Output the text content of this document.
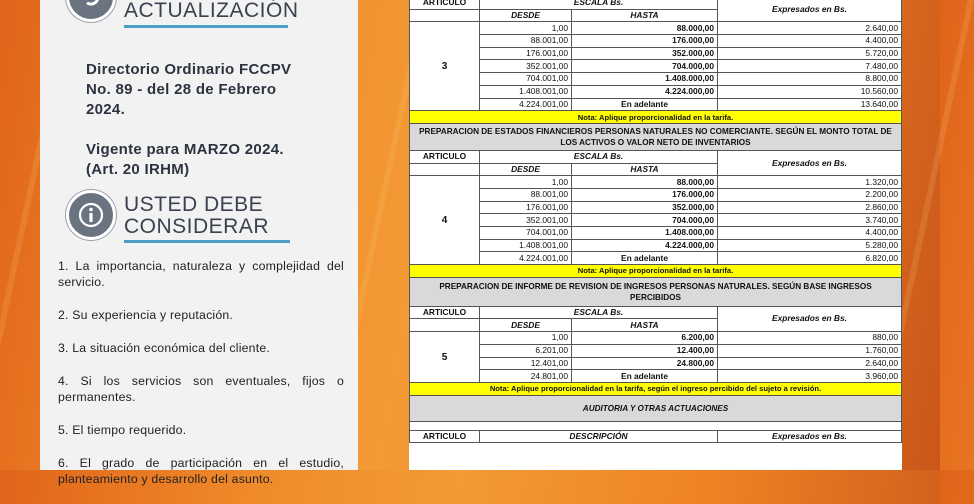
ACTUALIZACIÓN
Directorio Ordinario FCCPV
No. 89 - del 28 de Febrero
2024.
Vigente para MARZO 2024.
(Art. 20 IRHM)
USTED DEBE
CONSIDERAR
1. La importancia, naturaleza y complejidad del servicio.
2. Su experiencia y reputación.
3. La situación económica del cliente.
4. Si los servicios son eventuales, fijos o permanentes.
5. El tiempo requerido.
6. El grado de participación en el estudio, planteamiento y desarrollo del asunto.
ARTICULO	ESCALA Bs.		Expresados en Bs.
	DESDE	HASTA	
3	1,00	88.000,00	2.640,00
	88.001,00	176.000,00	4.400,00
	176.001,00	352.000,00	5.720,00
	352.001,00	704.000,00	7.480,00
	704.001,00	1.408.000,00	8.800,00
	1.408.001,00	4.224.000,00	10.560,00
	4.224.001,00	En adelante	13.640,00
Nota: Aplique proporcionalidad en la tarifa.			
PREPARACION DE ESTADOS FINANCIEROS PERSONAS NATURALES NO COMERCIANTE. SEGÚN EL MONTO TOTAL DE LOS ACTIVOS O VALOR NETO DE INVENTARIOS			
ARTICULO	ESCALA Bs.		Expresados en Bs.
	DESDE	HASTA	
4	1,00	88.000,00	1.320,00
	88.001,00	176.000,00	2.200,00
	176.001,00	352.000,00	2.860,00
	352.001,00	704.000,00	3.740,00
	704.001,00	1.408.000,00	4.400,00
	1.408.001,00	4.224.000,00	5.280,00
	4.224.001,00	En adelante	6.820,00
Nota: Aplique proporcionalidad en la tarifa.			
PREPARACION DE INFORME DE REVISION DE INGRESOS PERSONAS NATURALES. SEGÚN BASE INGRESOS PERCIBIDOS			
ARTICULO	ESCALA Bs.		Expresados en Bs.
	DESDE	HASTA	
5	1,00	6.200,00	880,00
	6.201,00	12.400,00	1.760,00
	12.401,00	24.800,00	2.640,00
	24.801,00	En adelante	3.960,00
Nota: Aplique proporcionalidad en la tarifa, según el ingreso percibido del sujeto a revisión.			
AUDITORIA Y OTRAS ACTUACIONES			

ARTICULO	DESCRIPCIÓN		Expresados en Bs.
